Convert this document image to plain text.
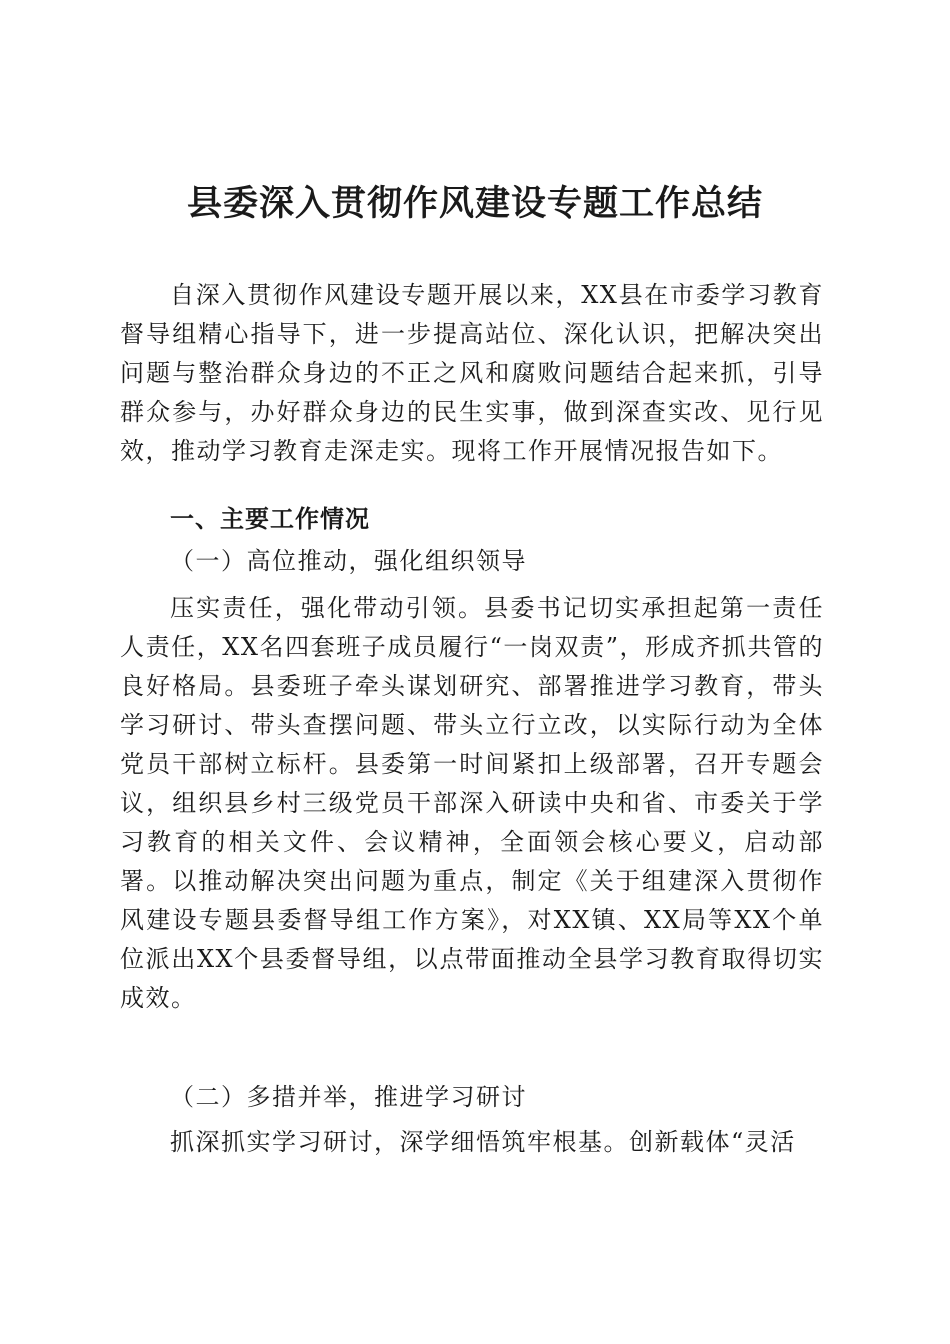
县委深入贯彻作风建设专题工作总结

自深入贯彻作风建设专题开展以来，XX县在市委学习教育督导组精心指导下，进一步提高站位、深化认识，把解决突出问题与整治群众身边的不正之风和腐败问题结合起来抓，引导群众参与，办好群众身边的民生实事，做到深查实改、见行见效，推动学习教育走深走实。现将工作开展情况报告如下。

一、主要工作情况
（一）高位推动，强化组织领导

压实责任，强化带动引领。县委书记切实承担起第一责任人责任，XX名四套班子成员履行“一岗双责”，形成齐抓共管的良好格局。县委班子牵头谋划研究、部署推进学习教育，带头学习研讨、带头查摆问题、带头立行立改，以实际行动为全体党员干部树立标杆。县委第一时间紧扣上级部署，召开专题会议，组织县乡村三级党员干部深入研读中央和省、市委关于学习教育的相关文件、会议精神，全面领会核心要义，启动部署。以推动解决突出问题为重点，制定《关于组建深入贯彻作风建设专题县委督导组工作方案》，对XX镇、XX局等XX个单位派出XX个县委督导组，以点带面推动全县学习教育取得切实成效。

（二）多措并举，推进学习研讨

抓深抓实学习研讨，深学细悟筑牢根基。创新载体“灵活
